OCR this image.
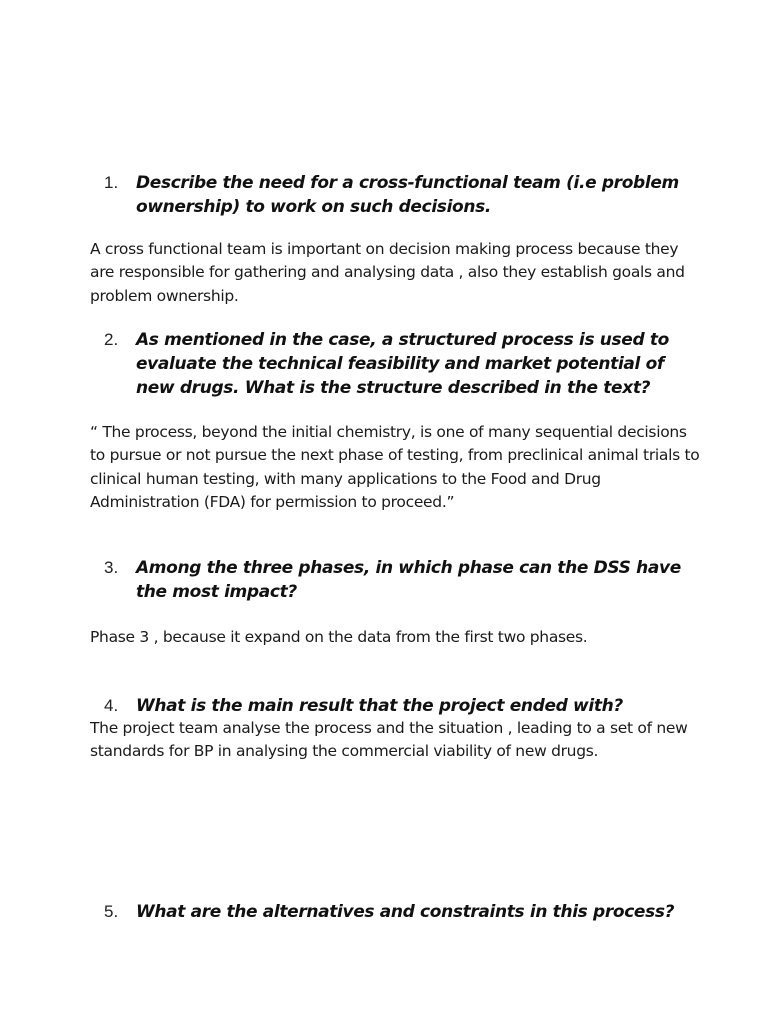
1.	Describe the need for a cross-functional team (i.e problem ownership) to work on such decisions.

A cross functional team is important on decision making process because they are responsible for gathering and analysing data , also they establish goals and problem ownership.

2.	As mentioned in the case, a structured process is used to evaluate the technical feasibility and market potential of new drugs. What is the structure described in the text?

“ The process, beyond the initial chemistry, is one of many sequential decisions to pursue or not pursue the next phase of testing, from preclinical animal trials to clinical human testing, with many applications to the Food and Drug Administration (FDA) for permission to proceed.”

3.	Among the three phases, in which phase can the DSS have the most impact?

Phase 3 , because it expand on the data from the first two phases.

4.	What is the main result that the project ended with?

The project team analyse the process and the situation , leading to a set of new standards for BP in analysing the commercial viability of new drugs.

5.	What are the alternatives and constraints in this process?
